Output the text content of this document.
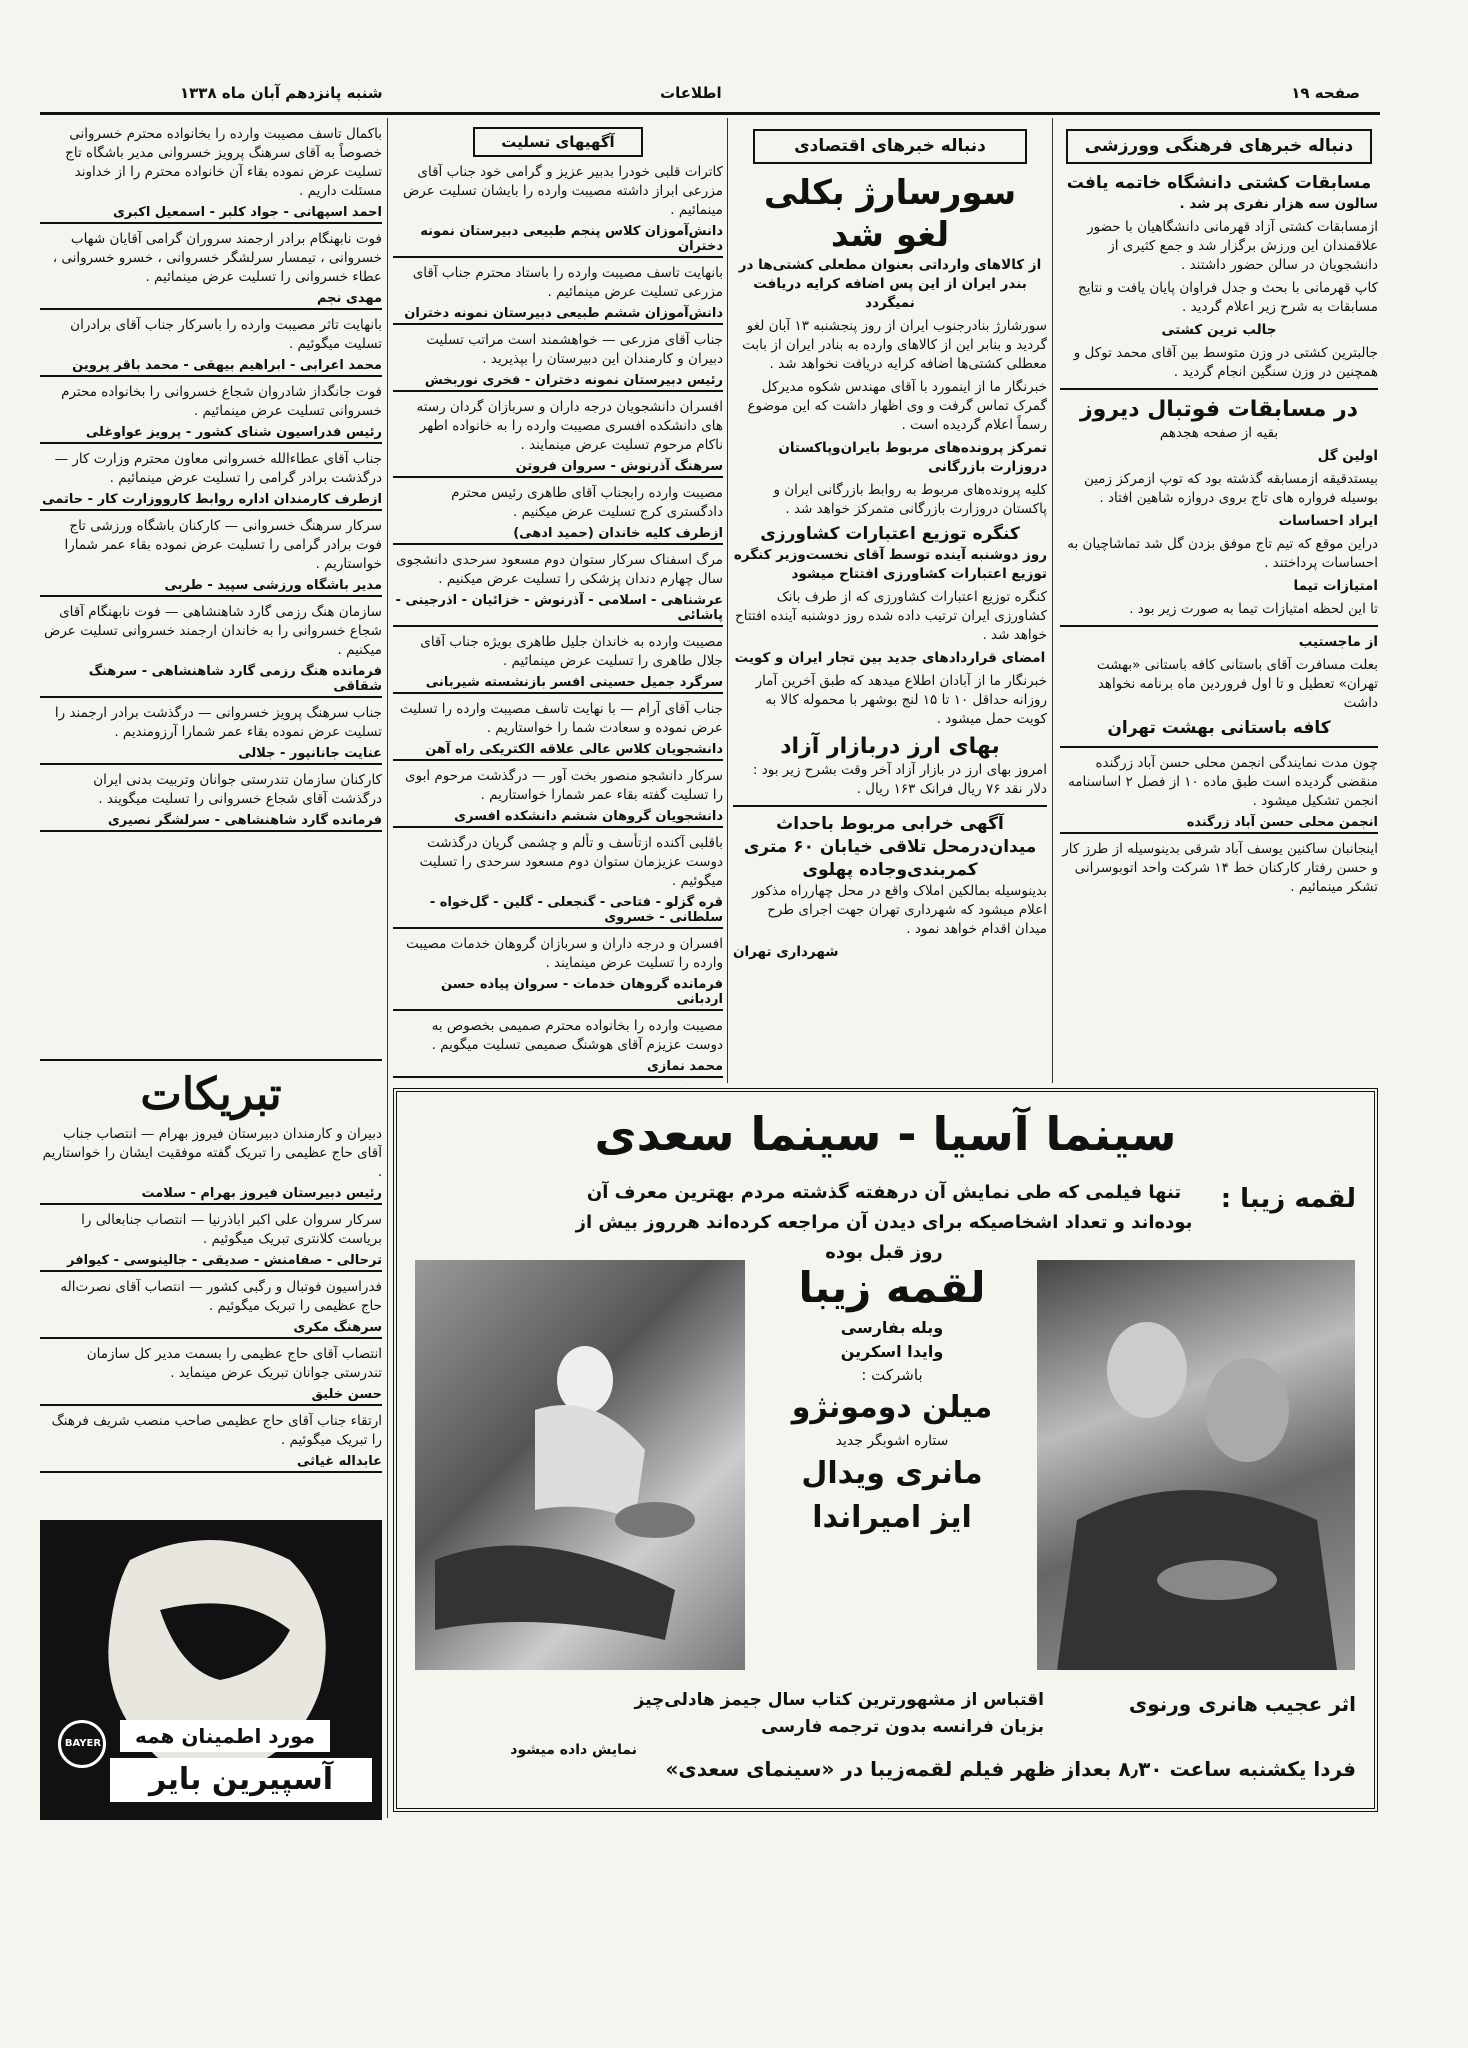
صفحه ۱۹
اطلاعات
شنبه پانزدهم آبان ماه ۱۳۳۸
دنباله خبرهای فرهنگی وورزشی
مسابقات کشتی دانشگاه خاتمه یافت
سالون سه هزار نفری پر شد .

ازمسابقات کشتی آزاد قهرمانی دانشگاهیان با حضور علاقمندان این ورزش برگزار شد و جمع کثیری از دانشجویان در سالن حضور داشتند .

کاپ قهرمانی با بحث و جدل فراوان پایان یافت و نتایج مسابقات به شرح زیر اعلام گردید .

جالب ترین کشتی

جالبترین کشتی در وزن متوسط بین آقای محمد توکل و همچنین در وزن سنگین انجام گردید .

در مسابقات فوتبال دیروز
بقیه از صفحه هجدهم
اولین گل

بیستدقیقه ازمسابقه گذشته بود که توپ ازمرکز زمین بوسیله فرواره های تاج بروی دروازه شاهین افتاد .

ایراد احساسات

دراین موقع که تیم تاج موفق بزدن گل شد تماشاچیان به احساسات پرداختند .

امتیازات تیما

تا این لحظه امتیازات تیما به صورت زیر بود .

از ماجستیب

بعلت مسافرت آقای باستانی کافه باستانی «بهشت تهران» تعطیل و تا اول فروردین ماه برنامه نخواهد داشت

کافه باستانی بهشت تهران

چون مدت نمایندگی انجمن محلی حسن آباد زرگنده منقضی گردیده است طبق ماده ۱۰ از فصل ۲ اساسنامه انجمن تشکیل میشود .

انجمن محلی حسن آباد زرگنده

اینجانبان ساکنین یوسف آباد شرقی بدینوسیله از طرز کار و حسن رفتار کارکنان خط ۱۴ شرکت واحد اتوبوسرانی تشکر مینمائیم .

دنباله خبرهای اقتصادی
سورسارژ بکلی لغو شد
از کالاهای وارداتی بعنوان مطعلی کشتی‌ها در بندر ایران از این پس اضافه کرایه دریافت نمیگردد

سورشارژ بنادرجنوب ایران از روز پنجشنبه ۱۳ آبان لغو گردید و بنابر این از کالاهای وارده به بنادر ایران از بابت معطلی کشتی‌ها اضافه کرایه دریافت نخواهد شد .

خبرنگار ما از اینمورد با آقای مهندس شکوه مدیرکل گمرک تماس گرفت و وی اظهار داشت که این موضوع رسماً اعلام گردیده است .

تمرکز پرونده‌های مربوط بایران‌وپاکستان دروزارت بازرگانی

کلیه پرونده‌های مربوط به روابط بازرگانی ایران و پاکستان دروزارت بازرگانی متمرکز خواهد شد .

کنگره توزیع اعتبارات کشاورزی
روز دوشنبه آینده توسط آقای نخست‌وزیر کنگره توزیع اعتبارات کشاورزی افتتاح میشود

کنگره توزیع اعتبارات کشاورزی که از طرف بانک کشاورزی ایران ترتیب داده شده روز دوشنبه آینده افتتاح خواهد شد .

امضای قراردادهای جدید بین تجار ایران و کویت

خبرنگار ما از آبادان اطلاع میدهد که طبق آخرین آمار روزانه حداقل ۱۰ تا ۱۵ لنج بوشهر با محموله کالا به کویت حمل میشود .

بهای ارز دربازار آزاد

امروز بهای ارز در بازار آزاد آخر وقت بشرح زیر بود : دلار نقد ۷۶ ریال فرانک ۱۶۳ ریال .

آگهی خرابی مربوط باحداث میدان‌درمحل تلاقی خیابان ۶۰ متری کمربندی‌وجاده پهلوی

بدینوسیله بمالکین املاک واقع در محل چهارراه مذکور اعلام میشود که شهرداری تهران جهت اجرای طرح میدان اقدام خواهد نمود .

شهرداری تهران
آگهیهای تسلیت

کاترات قلبی خودرا بدبیر عزیز و گرامی خود جناب آقای مزرعی ابراز داشته مصیبت وارده را بایشان تسلیت عرض مینمائیم .

دانش‌آموزان کلاس پنجم طبیعی دبیرستان نمونه دختران

بانهایت تاسف مصیبت وارده را باستاد محترم جناب آقای مزرعی تسلیت عرض مینمائیم .

دانش‌آموزان ششم طبیعی دبیرستان نمونه دختران

جناب آقای مزرعی — خواهشمند است مراتب تسلیت دبیران و کارمندان این دبیرستان را بپذیرید .

رئیس دبیرستان نمونه دختران - فخری نوربخش

افسران دانشجویان درجه داران و سربازان گردان رسته های دانشکده افسری مصیبت وارده را به خانواده اطهر ناکام مرحوم تسلیت عرض مینمایند .

سرهنگ آذرنوش - سروان فروتن

مصیبت وارده رابجناب آقای طاهری رئیس محترم دادگستری کرج تسلیت عرض میکنیم .

ازطرف کلیه خاندان (حمید ادهی)

مرگ اسفناک سرکار ستوان دوم مسعود سرحدی دانشجوی سال چهارم دندان پزشکی را تسلیت عرض میکنیم .

عرشناهی - اسلامی - آذرنوش - خزائیان - اذرجینی - پاشائی

مصیبت وارده به خاندان جلیل طاهری بویژه جناب آقای جلال طاهری را تسلیت عرض مینمائیم .

سرگرد جمیل حسینی افسر بازنشسته شیربانی

جناب آقای آرام — با نهایت تاسف مصیبت وارده را تسلیت عرض نموده و سعادت شما را خواستاریم .

دانشجویان کلاس عالی علاقه الکتریکی راه آهن

سرکار دانشجو منصور بخت آور — درگذشت مرحوم ابوی را تسلیت گفته بقاء عمر شمارا خواستاریم .

دانشجویان گروهان ششم دانشکده افسری

باقلبی آکنده ازتأسف و تألم و چشمی گریان درگذشت دوست عزیزمان ستوان دوم مسعود سرحدی را تسلیت میگوئیم .

قره گزلو - فتاحی - گنجعلی - گلین - گل‌خواه - سلطانی - خسروی

افسران و درجه داران و سربازان گروهان خدمات مصیبت وارده را تسلیت عرض مینمایند .

فرمانده گروهان خدمات - سروان پیاده حسن اردبانی

مصیبت وارده را بخانواده محترم صمیمی بخصوص به دوست عزیزم آقای هوشنگ صمیمی تسلیت میگویم .

محمد نمازی

باکمال تاسف مصیبت وارده را بخانواده محترم خسروانی خصوصاً به آقای سرهنگ پرویز خسروانی مدیر باشگاه تاج تسلیت عرض نموده بقاء آن خانواده محترم را از خداوند مسئلت داریم .

احمد اسپهانی - جواد کلبر - اسمعیل اکبری

فوت نابهنگام برادر ارجمند سروران گرامی آقایان شهاب خسروانی ، تیمسار سرلشگر خسروانی ، خسرو خسروانی ، عطاء خسروانی را تسلیت عرض مینمائیم .

مهدی نجم

بانهایت تاثر مصیبت وارده را باسرکار جناب آقای برادران تسلیت میگوئیم .

محمد اعرابی - ابراهیم بیهقی - محمد باقر پروین

فوت جانگداز شادروان شجاع خسروانی را بخانواده محترم خسروانی تسلیت عرض مینمائیم .

رئیس فدراسیون شنای کشور - پرویز عواوغلی

جناب آقای عطاءالله خسروانی معاون محترم وزارت کار — درگذشت برادر گرامی را تسلیت عرض مینمائیم .

ازطرف کارمندان اداره روابط کارووزارت کار - حاتمی

سرکار سرهنگ خسروانی — کارکنان باشگاه ورزشی تاج فوت برادر گرامی را تسلیت عرض نموده بقاء عمر شمارا خواستاریم .

مدیر باشگاه ورزشی سپید - طربی

سازمان هنگ رزمی گارد شاهنشاهی — فوت نابهنگام آقای شجاع خسروانی را به خاندان ارجمند خسروانی تسلیت عرض میکنیم .

فرمانده هنگ رزمی گارد شاهنشاهی - سرهنگ شقاقی

جناب سرهنگ پرویز خسروانی — درگذشت برادر ارجمند را تسلیت عرض نموده بقاء عمر شمارا آرزومندیم .

عنایت جانانپور - جلالی

کارکنان سازمان تندرستی جوانان وتربیت بدنی ایران درگذشت آقای شجاع خسروانی را تسلیت میگویند .

فرمانده گارد شاهنشاهی - سرلشگر نصیری
تبریکات

دبیران و کارمندان دبیرستان فیروز بهرام — انتصاب جناب آقای حاج عظیمی را تبریک گفته موفقیت ایشان را خواستاریم .

رئیس دبیرستان فیروز بهرام - سلامت

سرکار سروان علی اکبر اباذرنیا — انتصاب جنابعالی را بریاست کلانتری تبریک میگوئیم .

ترحالی - صفامنش - صدیقی - جالینوسی - کیوافر

فدراسیون فوتبال و رگبی کشور — انتصاب آقای نصرت‌اله حاج عظیمی را تبریک میگوئیم .

سرهنگ مکری

انتصاب آقای حاج عظیمی را بسمت مدیر کل سازمان تندرستی جوانان تبریک عرض مینماید .

حسن خلیق

ارتقاء جناب آقای حاج عظیمی صاحب منصب شریف فرهنگ را تبریک میگوئیم .

عابداله غیاثی
BAYER	مورد اطمینان همه
آسپیرین بایر
سینما آسیا - سینما سعدی
لقمه زیبا :
تنها فیلمی که طی نمایش آن درهفته گذشته مردم بهترین معرف آن بوده‌اند و تعداد اشخاصیکه برای دیدن آن مراجعه کرده‌اند هرروز بیش از روز قبل بوده
لقمه زیبا
وبله بفارسی
وایدا اسکرین
باشرکت :
میلن دومونژو
ستاره اشوبگر جدید
مانری ویدال
ایز امیراندا
اثر عجیب هانری ورنوی
اقتباس از مشهورترین کتاب سال جیمز هادلی‌چیز
بزبان فرانسه بدون ترجمه فارسی
نمایش داده میشود
فردا یکشنبه ساعت ۸٫۳۰ بعداز ظهر فیلم لقمه‌زیبا در «سینمای سعدی»
